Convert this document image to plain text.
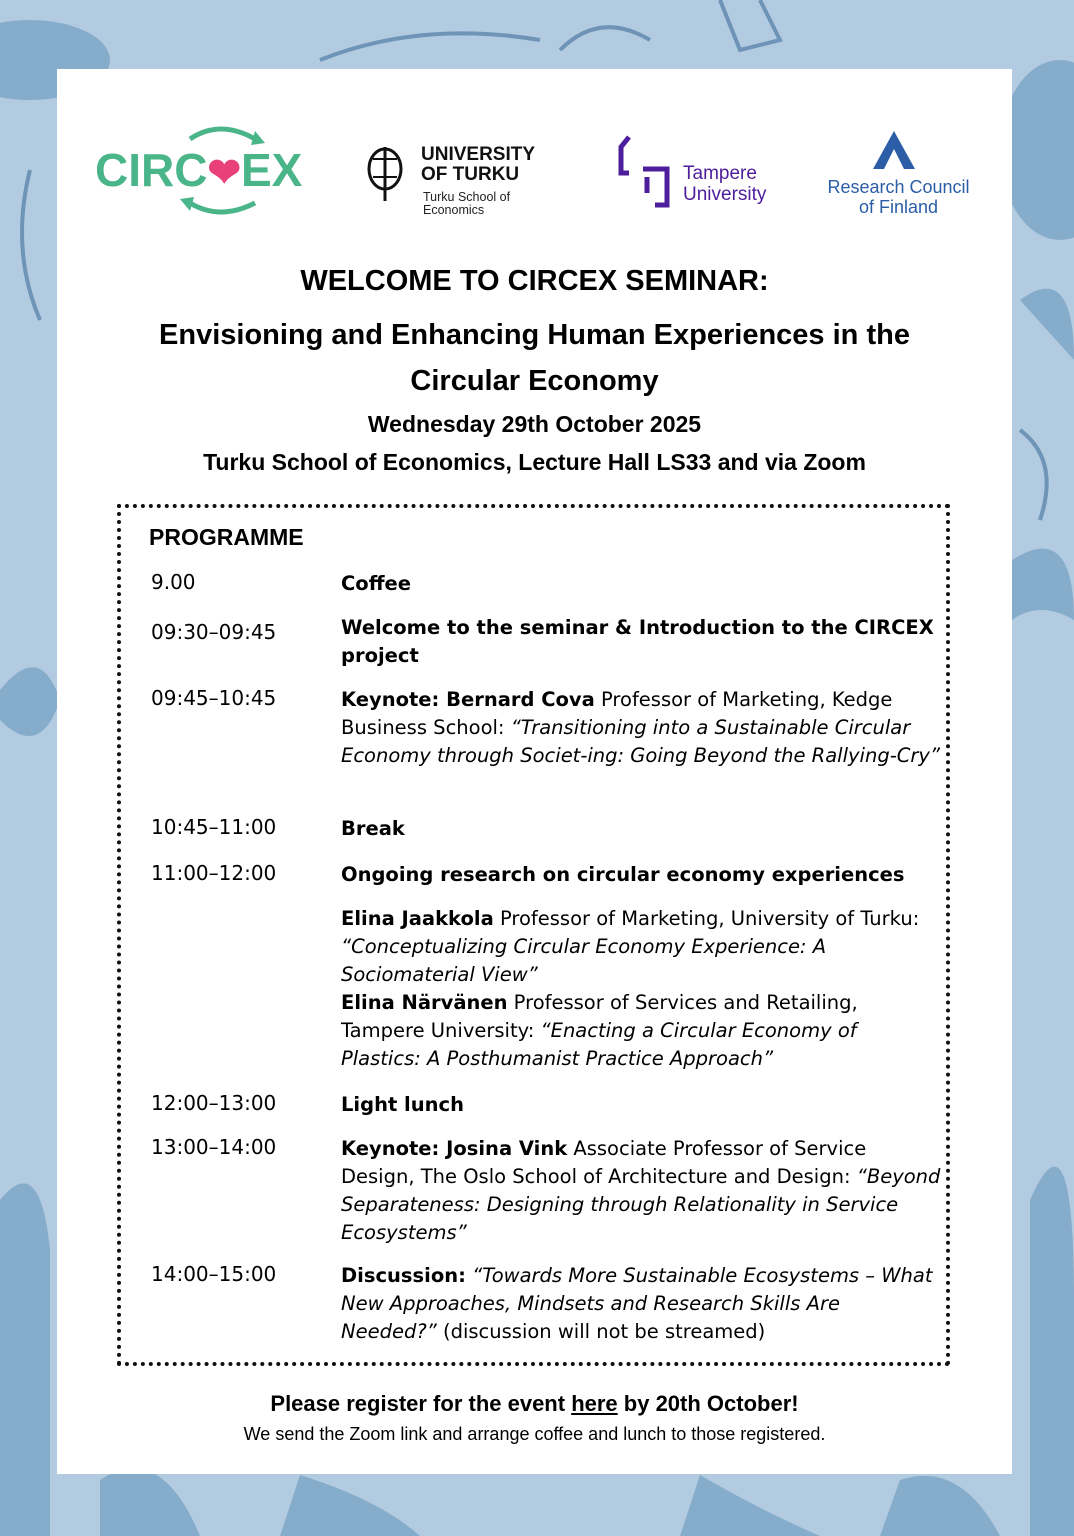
CIRC❤EX	UNIVERSITY
OF TURKU
Turku School of
Economics
Tampere
University	Research Council
of Finland
WELCOME TO CIRCEX SEMINAR:
Envisioning and Enhancing Human Experiences in the Circular Economy
Wednesday 29th October 2025
Turku School of Economics, Lecture Hall LS33 and via Zoom
PROGRAMME
9.00	Coffee
09:30–09:45	Welcome to the seminar & Introduction to the CIRCEX project
09:45–10:45	Keynote: Bernard Cova Professor of Marketing, Kedge Business School: “Transitioning into a Sustainable Circular Economy through Societ-ing: Going Beyond the Rallying-Cry”
10:45–11:00	Break
11:00–12:00	Ongoing research on circular economy experiences
Elina Jaakkola Professor of Marketing, University of Turku: “Conceptualizing Circular Economy Experience: A Sociomaterial View”
Elina Närvänen Professor of Services and Retailing, Tampere University: “Enacting a Circular Economy of Plastics: A Posthumanist Practice Approach”
12:00–13:00	Light lunch
13:00–14:00	Keynote: Josina Vink Associate Professor of Service Design, The Oslo School of Architecture and Design: “Beyond Separateness: Designing through Relationality in Service Ecosystems”
14:00–15:00	Discussion: “Towards More Sustainable Ecosystems – What New Approaches, Mindsets and Research Skills Are Needed?” (discussion will not be streamed)
Please register for the event here by 20th October!
We send the Zoom link and arrange coffee and lunch to those registered.
